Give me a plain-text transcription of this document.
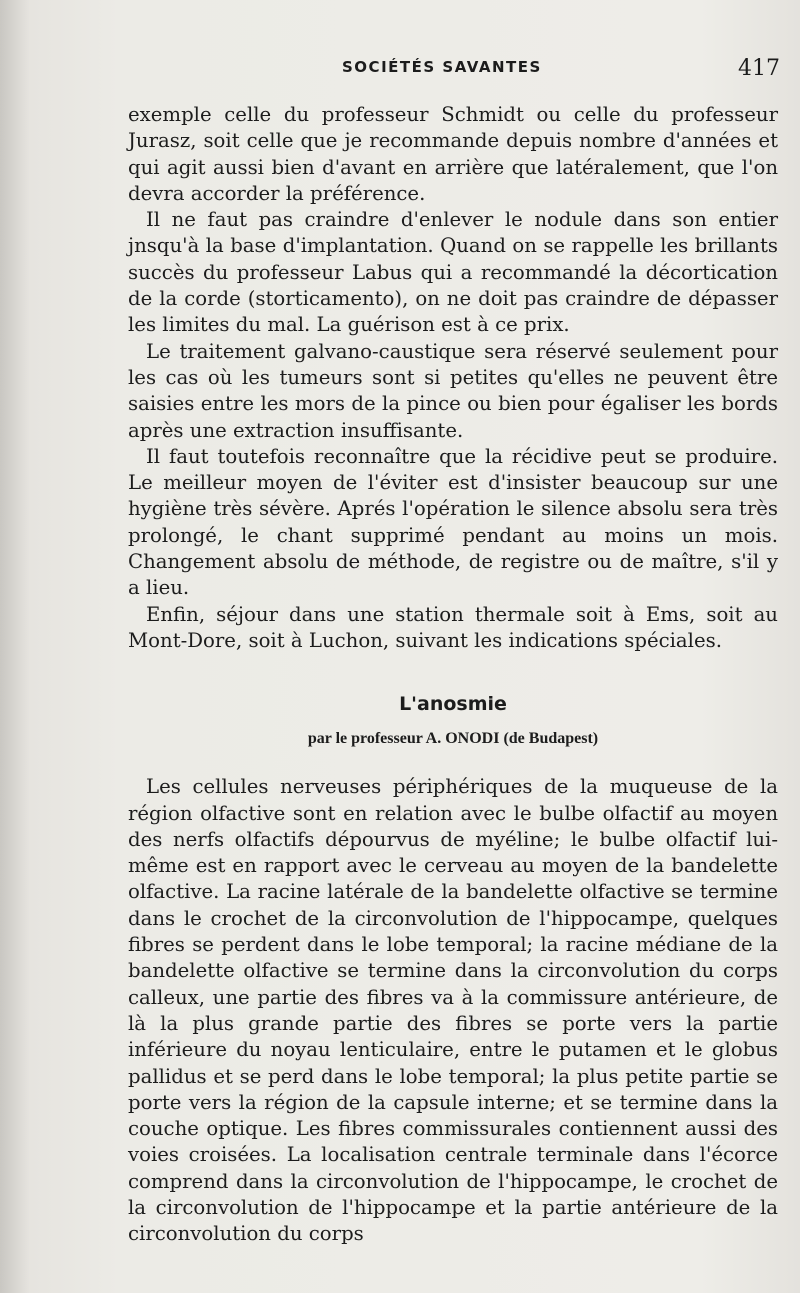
SOCIÉTÉS SAVANTES	417

exemple celle du professeur Schmidt ou celle du professeur Jurasz, soit celle que je recommande depuis nombre d'années et qui agit aussi bien d'avant en arrière que latéralement, que l'on devra accorder la préférence.

Il ne faut pas craindre d'enlever le nodule dans son entier jnsqu'à la base d'implantation. Quand on se rappelle les brillants succès du professeur Labus qui a recommandé la décortication de la corde (storticamento), on ne doit pas craindre de dépasser les limites du mal. La guérison est à ce prix.

Le traitement galvano-caustique sera réservé seulement pour les cas où les tumeurs sont si petites qu'elles ne peuvent être saisies entre les mors de la pince ou bien pour égaliser les bords après une extraction insuffisante.

Il faut toutefois reconnaître que la récidive peut se produire. Le meilleur moyen de l'éviter est d'insister beaucoup sur une hygiène très sévère. Aprés l'opération le silence absolu sera très prolongé, le chant supprimé pendant au moins un mois. Changement absolu de méthode, de registre ou de maître, s'il y a lieu.

Enfin, séjour dans une station thermale soit à Ems, soit au Mont-Dore, soit à Luchon, suivant les indications spéciales.

L'anosmie
par le professeur A. ONODI (de Budapest)

Les cellules nerveuses périphériques de la muqueuse de la région olfactive sont en relation avec le bulbe olfactif au moyen des nerfs olfactifs dépourvus de myéline; le bulbe olfactif lui-même est en rapport avec le cerveau au moyen de la bandelette olfactive. La racine latérale de la bandelette olfactive se termine dans le crochet de la circonvolution de l'hippocampe, quelques fibres se perdent dans le lobe temporal; la racine médiane de la bandelette olfactive se termine dans la circonvolution du corps calleux, une partie des fibres va à la commissure antérieure, de là la plus grande partie des fibres se porte vers la partie inférieure du noyau lenticulaire, entre le putamen et le globus pallidus et se perd dans le lobe temporal; la plus petite partie se porte vers la région de la capsule interne; et se termine dans la couche optique. Les fibres commissurales contiennent aussi des voies croisées. La localisation centrale terminale dans l'écorce comprend dans la circonvolution de l'hippocampe, le crochet de la circonvolution de l'hippocampe et la partie antérieure de la circonvolution du corps
